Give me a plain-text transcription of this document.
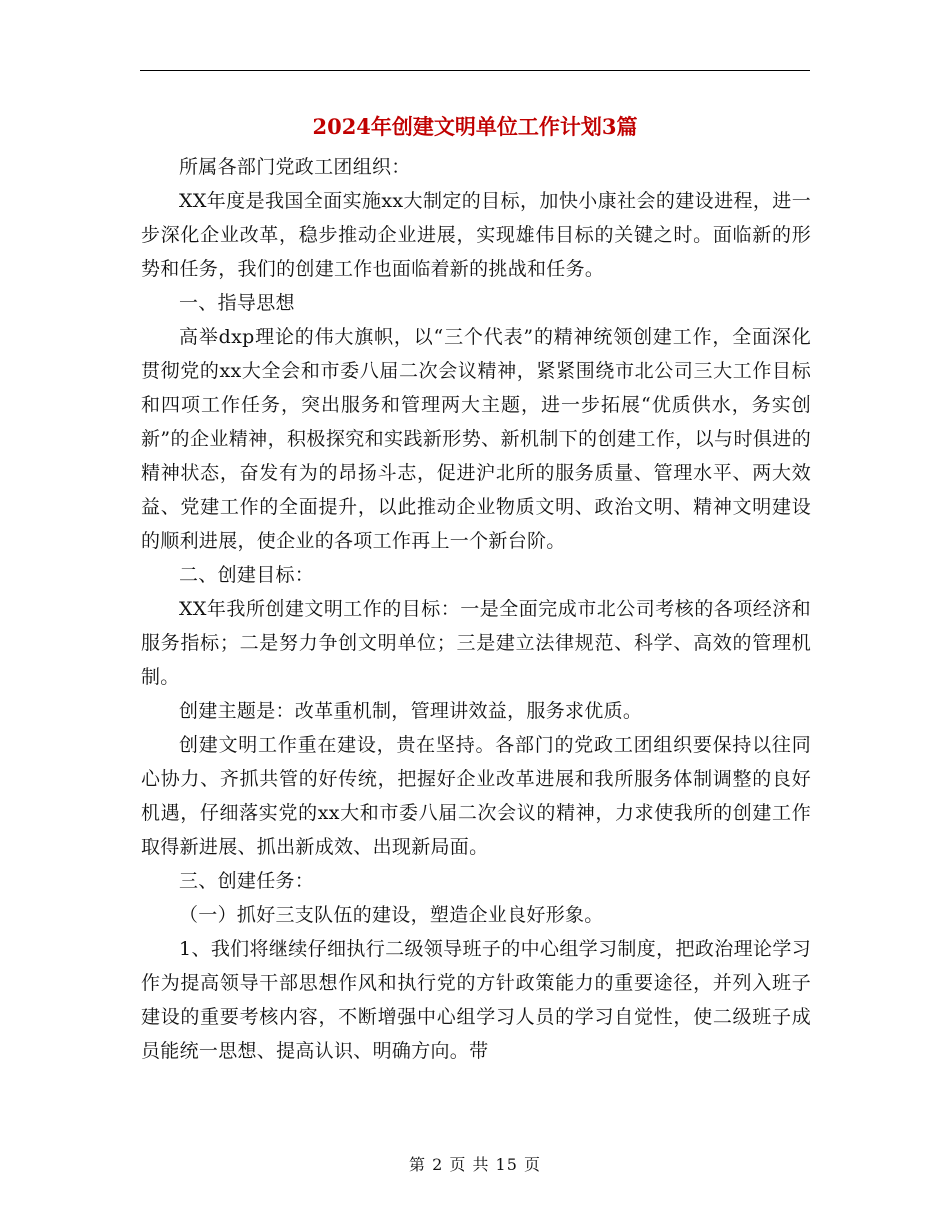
2024年创建文明单位工作计划3篇

所属各部门党政工团组织：

XX年度是我国全面实施xx大制定的目标，加快小康社会的建设进程，进一步深化企业改革，稳步推动企业进展，实现雄伟目标的关键之时。面临新的形势和任务，我们的创建工作也面临着新的挑战和任务。

一、指导思想

高举dxp理论的伟大旗帜，以“三个代表”的精神统领创建工作，全面深化贯彻党的xx大全会和市委八届二次会议精神，紧紧围绕市北公司三大工作目标和四项工作任务，突出服务和管理两大主题，进一步拓展“优质供水，务实创新”的企业精神，积极探究和实践新形势、新机制下的创建工作，以与时俱进的精神状态，奋发有为的昂扬斗志，促进沪北所的服务质量、管理水平、两大效益、党建工作的全面提升，以此推动企业物质文明、政治文明、精神文明建设的顺利进展，使企业的各项工作再上一个新台阶。

二、创建目标：

XX年我所创建文明工作的目标：一是全面完成市北公司考核的各项经济和服务指标；二是努力争创文明单位；三是建立法律规范、科学、高效的管理机制。

创建主题是：改革重机制，管理讲效益，服务求优质。

创建文明工作重在建设，贵在坚持。各部门的党政工团组织要保持以往同心协力、齐抓共管的好传统，把握好企业改革进展和我所服务体制调整的良好机遇，仔细落实党的xx大和市委八届二次会议的精神，力求使我所的创建工作取得新进展、抓出新成效、出现新局面。

三、创建任务：

（一）抓好三支队伍的建设，塑造企业良好形象。

1、我们将继续仔细执行二级领导班子的中心组学习制度，把政治理论学习作为提高领导干部思想作风和执行党的方针政策能力的重要途径，并列入班子建设的重要考核内容，不断增强中心组学习人员的学习自觉性，使二级班子成员能统一思想、提高认识、明确方向。带

第 2 页 共 15 页
